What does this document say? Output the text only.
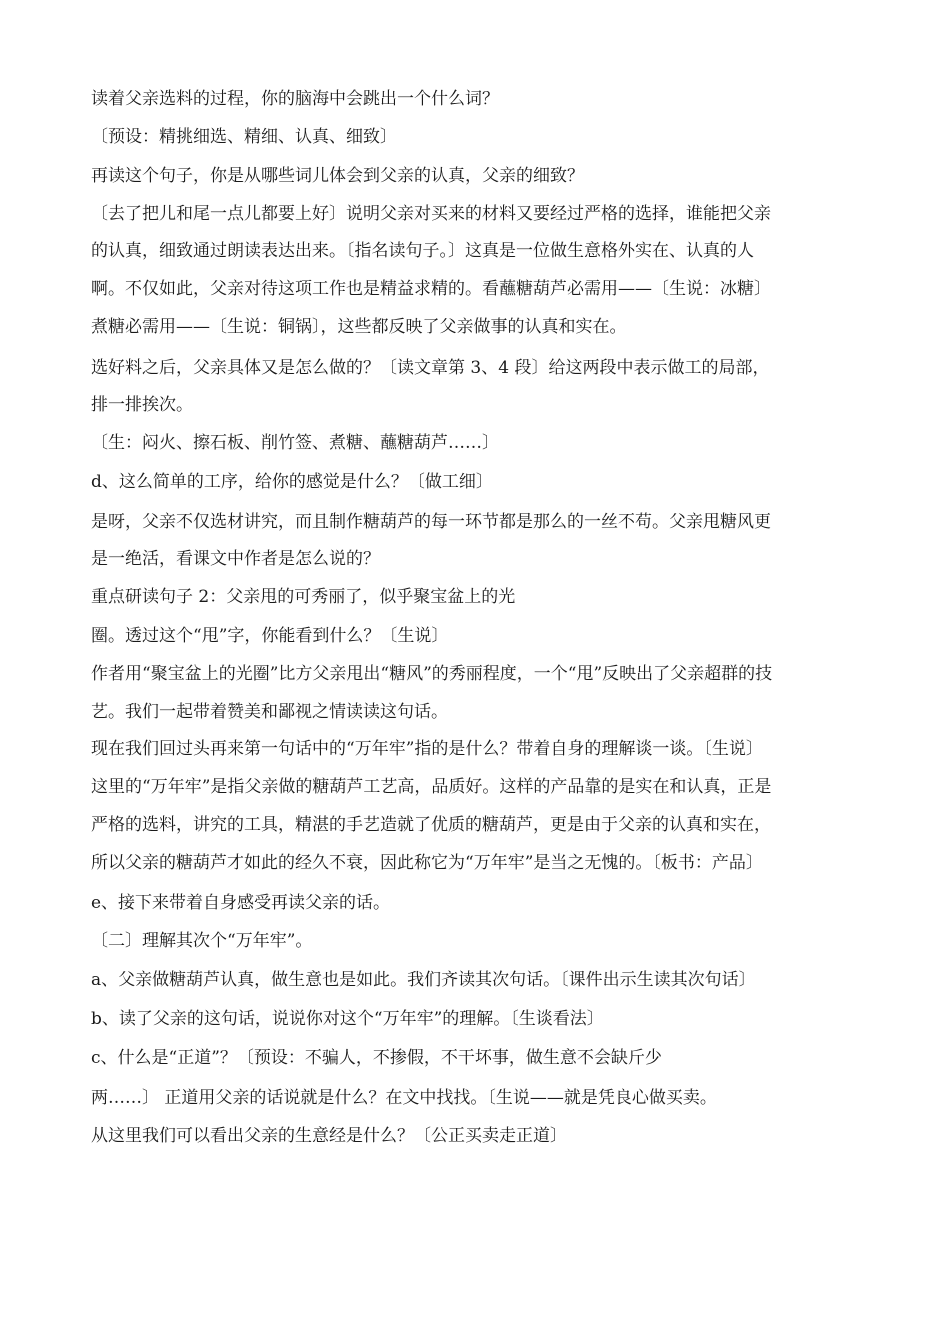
读着父亲选料的过程，你的脑海中会跳出一个什么词？

〔预设：精挑细选、精细、认真、细致〕

再读这个句子，你是从哪些词儿体会到父亲的认真，父亲的细致？

〔去了把儿和尾一点儿都要上好〕说明父亲对买来的材料又要经过严格的选择，谁能把父亲

的认真，细致通过朗读表达出来。〔指名读句子。〕这真是一位做生意格外实在、认真的人

啊。不仅如此，父亲对待这项工作也是精益求精的。看蘸糖葫芦必需用——〔生说：冰糖〕

煮糖必需用——〔生说：铜锅〕，这些都反映了父亲做事的认真和实在。

选好料之后，父亲具体又是怎么做的？〔读文章第 3、4 段〕给这两段中表示做工的局部，

排一排挨次。

〔生：闷火、擦石板、削竹签、煮糖、蘸糖葫芦……〕

d、这么简单的工序，给你的感觉是什么？〔做工细〕

是呀，父亲不仅选材讲究，而且制作糖葫芦的每一环节都是那么的一丝不苟。父亲甩糖风更

是一绝活，看课文中作者是怎么说的？

重点研读句子 2：父亲甩的可秀丽了，似乎聚宝盆上的光

圈。透过这个“甩”字，你能看到什么？〔生说〕

作者用“聚宝盆上的光圈”比方父亲甩出“糖风”的秀丽程度，一个“甩”反映出了父亲超群的技

艺。我们一起带着赞美和鄙视之情读读这句话。

现在我们回过头再来第一句话中的“万年牢”指的是什么？带着自身的理解谈一谈。〔生说〕

这里的“万年牢”是指父亲做的糖葫芦工艺高，品质好。这样的产品靠的是实在和认真，正是

严格的选料，讲究的工具，精湛的手艺造就了优质的糖葫芦，更是由于父亲的认真和实在，

所以父亲的糖葫芦才如此的经久不衰，因此称它为“万年牢”是当之无愧的。〔板书：产品〕

e、接下来带着自身感受再读父亲的话。

〔二〕理解其次个“万年牢”。

a、父亲做糖葫芦认真，做生意也是如此。我们齐读其次句话。〔课件出示生读其次句话〕

b、读了父亲的这句话，说说你对这个“万年牢”的理解。〔生谈看法〕

c、什么是“正道”？〔预设：不骗人，不掺假，不干坏事，做生意不会缺斤少

两……〕 正道用父亲的话说就是什么？在文中找找。〔生说——就是凭良心做买卖。

从这里我们可以看出父亲的生意经是什么？〔公正买卖走正道〕
